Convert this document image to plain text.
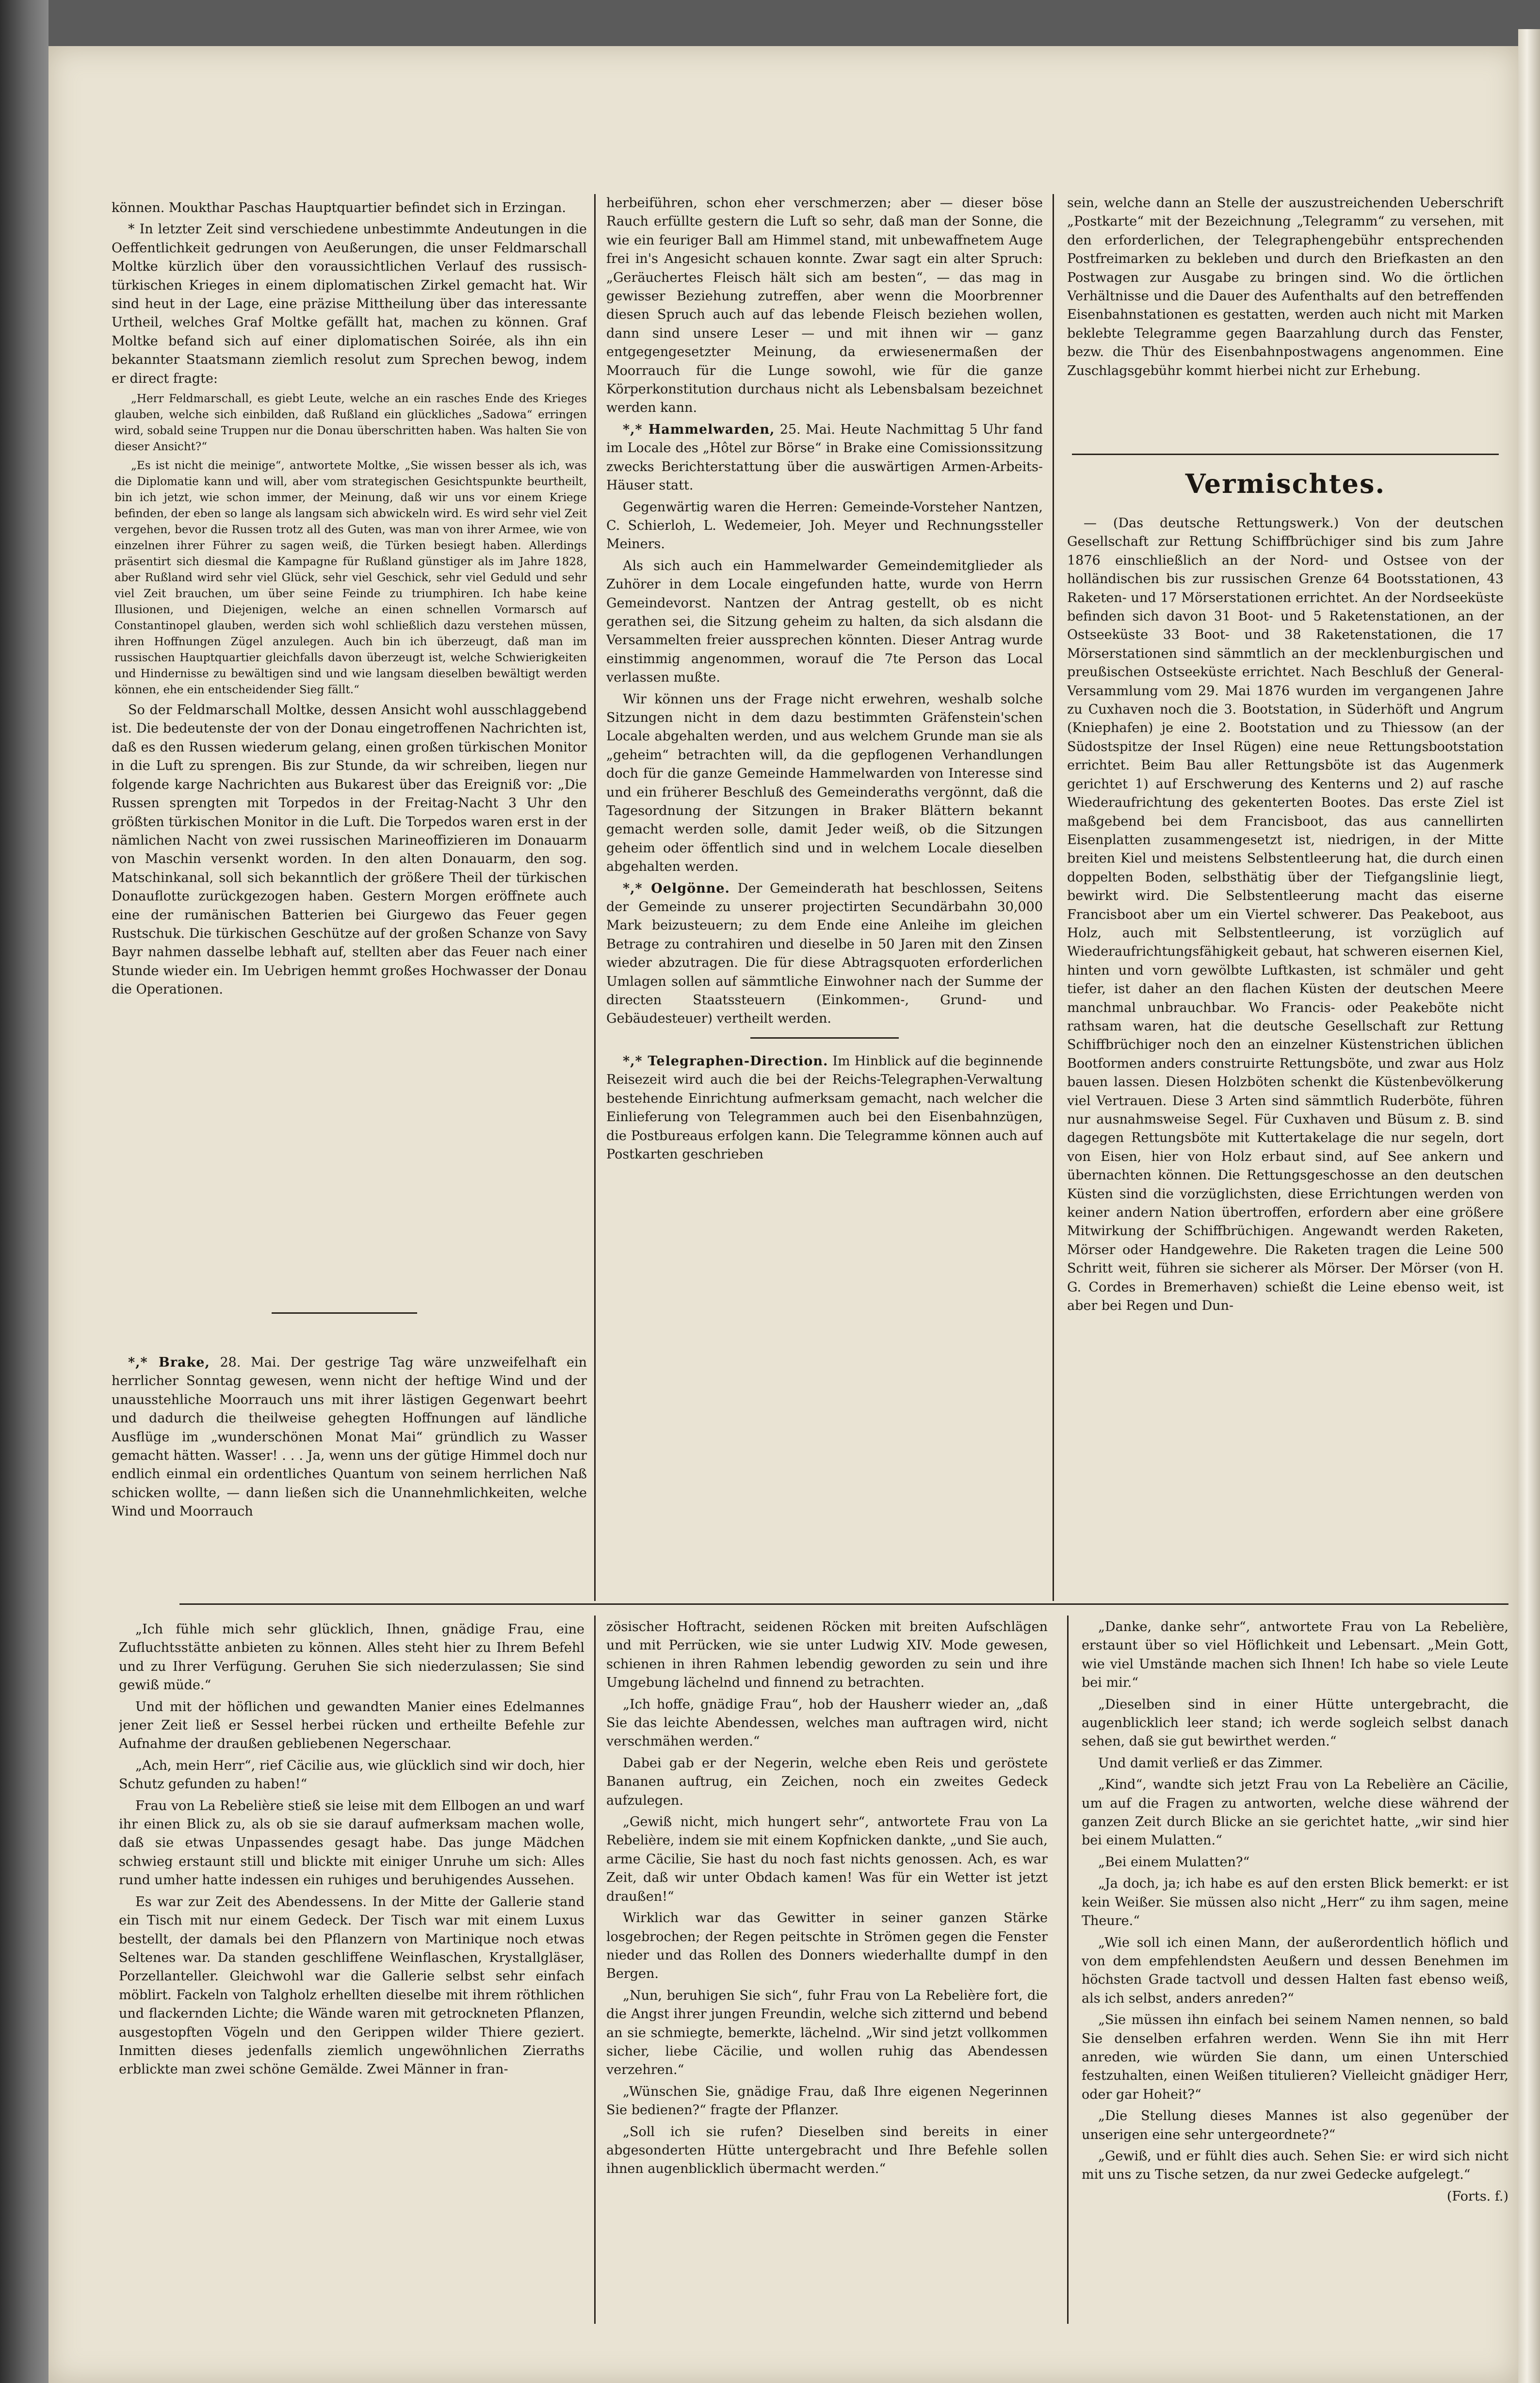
können. Moukthar Paschas Hauptquartier befindet sich in Erzingan.

* In letzter Zeit sind verschiedene unbestimmte Andeutungen in die Oeffentlichkeit gedrungen von Aeußerungen, die unser Feldmarschall Moltke kürzlich über den voraussichtlichen Verlauf des russisch-türkischen Krieges in einem diplomatischen Zirkel gemacht hat. Wir sind heut in der Lage, eine präzise Mittheilung über das interessante Urtheil, welches Graf Moltke gefällt hat, machen zu können. Graf Moltke befand sich auf einer diplomatischen Soirée, als ihn ein bekannter Staatsmann ziemlich resolut zum Sprechen bewog, indem er direct fragte:

„Herr Feldmarschall, es giebt Leute, welche an ein rasches Ende des Krieges glauben, welche sich einbilden, daß Rußland ein glückliches „Sadowa“ erringen wird, sobald seine Truppen nur die Donau überschritten haben. Was halten Sie von dieser Ansicht?“

„Es ist nicht die meinige“, antwortete Moltke, „Sie wissen besser als ich, was die Diplomatie kann und will, aber vom strategischen Gesichtspunkte beurtheilt, bin ich jetzt, wie schon immer, der Meinung, daß wir uns vor einem Kriege befinden, der eben so lange als langsam sich abwickeln wird. Es wird sehr viel Zeit vergehen, bevor die Russen trotz all des Guten, was man von ihrer Armee, wie von einzelnen ihrer Führer zu sagen weiß, die Türken besiegt haben. Allerdings präsentirt sich diesmal die Kampagne für Rußland günstiger als im Jahre 1828, aber Rußland wird sehr viel Glück, sehr viel Geschick, sehr viel Geduld und sehr viel Zeit brauchen, um über seine Feinde zu triumphiren. Ich habe keine Illusionen, und Diejenigen, welche an einen schnellen Vormarsch auf Constantinopel glauben, werden sich wohl schließlich dazu verstehen müssen, ihren Hoffnungen Zügel anzulegen. Auch bin ich überzeugt, daß man im russischen Hauptquartier gleichfalls davon überzeugt ist, welche Schwierigkeiten und Hindernisse zu bewältigen sind und wie langsam dieselben bewältigt werden können, ehe ein entscheidender Sieg fällt.“

So der Feldmarschall Moltke, dessen Ansicht wohl ausschlaggebend ist. Die bedeutenste der von der Donau eingetroffenen Nachrichten ist, daß es den Russen wiederum gelang, einen großen türkischen Monitor in die Luft zu sprengen. Bis zur Stunde, da wir schreiben, liegen nur folgende karge Nachrichten aus Bukarest über das Ereigniß vor: „Die Russen sprengten mit Torpedos in der Freitag-Nacht 3 Uhr den größten türkischen Monitor in die Luft. Die Torpedos waren erst in der nämlichen Nacht von zwei russischen Marineoffizieren im Donauarm von Maschin versenkt worden. In den alten Donauarm, den sog. Matschinkanal, soll sich bekanntlich der größere Theil der türkischen Donauflotte zurückgezogen haben. Gestern Morgen eröffnete auch eine der rumänischen Batterien bei Giurgewo das Feuer gegen Rustschuk. Die türkischen Geschütze auf der großen Schanze von Savy Bayr nahmen dasselbe lebhaft auf, stellten aber das Feuer nach einer Stunde wieder ein. Im Uebrigen hemmt großes Hochwasser der Donau die Operationen.

*,* Brake, 28. Mai. Der gestrige Tag wäre unzweifelhaft ein herrlicher Sonntag gewesen, wenn nicht der heftige Wind und der unausstehliche Moorrauch uns mit ihrer lästigen Gegenwart beehrt und dadurch die theilweise gehegten Hoffnungen auf ländliche Ausflüge im „wunderschönen Monat Mai“ gründlich zu Wasser gemacht hätten. Wasser! . . . Ja, wenn uns der gütige Himmel doch nur endlich einmal ein ordentliches Quantum von seinem herrlichen Naß schicken wollte, — dann ließen sich die Unannehmlichkeiten, welche Wind und Moorrauch

herbeiführen, schon eher verschmerzen; aber — dieser böse Rauch erfüllte gestern die Luft so sehr, daß man der Sonne, die wie ein feuriger Ball am Himmel stand, mit unbewaffnetem Auge frei in's Angesicht schauen konnte. Zwar sagt ein alter Spruch: „Geräuchertes Fleisch hält sich am besten“, — das mag in gewisser Beziehung zutreffen, aber wenn die Moorbrenner diesen Spruch auch auf das lebende Fleisch beziehen wollen, dann sind unsere Leser — und mit ihnen wir — ganz entgegengesetzter Meinung, da erwiesenermaßen der Moorrauch für die Lunge sowohl, wie für die ganze Körperkonstitution durchaus nicht als Lebensbalsam bezeichnet werden kann.

*,* Hammelwarden, 25. Mai. Heute Nachmittag 5 Uhr fand im Locale des „Hôtel zur Börse“ in Brake eine Comissionssitzung zwecks Berichterstattung über die auswärtigen Armen-Arbeits-Häuser statt.

Gegenwärtig waren die Herren: Gemeinde-Vorsteher Nantzen, C. Schierloh, L. Wedemeier, Joh. Meyer und Rechnungssteller Meiners.

Als sich auch ein Hammelwarder Gemeindemitglieder als Zuhörer in dem Locale eingefunden hatte, wurde von Herrn Gemeindevorst. Nantzen der Antrag gestellt, ob es nicht gerathen sei, die Sitzung geheim zu halten, da sich alsdann die Versammelten freier aussprechen könnten. Dieser Antrag wurde einstimmig angenommen, worauf die 7te Person das Local verlassen mußte.

Wir können uns der Frage nicht erwehren, weshalb solche Sitzungen nicht in dem dazu bestimmten Gräfenstein'schen Locale abgehalten werden, und aus welchem Grunde man sie als „geheim“ betrachten will, da die gepflogenen Verhandlungen doch für die ganze Gemeinde Hammelwarden von Interesse sind und ein früherer Beschluß des Gemeinderaths vergönnt, daß die Tagesordnung der Sitzungen in Braker Blättern bekannt gemacht werden solle, damit Jeder weiß, ob die Sitzungen geheim oder öffentlich sind und in welchem Locale dieselben abgehalten werden.

*,* Oelgönne. Der Gemeinderath hat beschlossen, Seitens der Gemeinde zu unserer projectirten Secundärbahn 30,000 Mark beizusteuern; zu dem Ende eine Anleihe im gleichen Betrage zu contrahiren und dieselbe in 50 Jaren mit den Zinsen wieder abzutragen. Die für diese Abtragsquoten erforderlichen Umlagen sollen auf sämmtliche Einwohner nach der Summe der directen Staatssteuern (Einkommen-, Grund- und Gebäudesteuer) vertheilt werden.

*,* Telegraphen-Direction. Im Hinblick auf die beginnende Reisezeit wird auch die bei der Reichs-Telegraphen-Verwaltung bestehende Einrichtung aufmerksam gemacht, nach welcher die Einlieferung von Telegrammen auch bei den Eisenbahnzügen, die Postbureaus erfolgen kann. Die Telegramme können auch auf Postkarten geschrieben

sein, welche dann an Stelle der auszustreichenden Ueberschrift „Postkarte“ mit der Bezeichnung „Telegramm“ zu versehen, mit den erforderlichen, der Telegraphengebühr entsprechenden Postfreimarken zu bekleben und durch den Briefkasten an den Postwagen zur Ausgabe zu bringen sind. Wo die örtlichen Verhältnisse und die Dauer des Aufenthalts auf den betreffenden Eisenbahnstationen es gestatten, werden auch nicht mit Marken beklebte Telegramme gegen Baarzahlung durch das Fenster, bezw. die Thür des Eisenbahnpostwagens angenommen. Eine Zuschlagsgebühr kommt hierbei nicht zur Erhebung.

Vermischtes.

— (Das deutsche Rettungswerk.) Von der deutschen Gesellschaft zur Rettung Schiffbrüchiger sind bis zum Jahre 1876 einschließlich an der Nord- und Ostsee von der holländischen bis zur russischen Grenze 64 Bootsstationen, 43 Raketen- und 17 Mörserstationen errichtet. An der Nordseeküste befinden sich davon 31 Boot- und 5 Raketenstationen, an der Ostseeküste 33 Boot- und 38 Raketenstationen, die 17 Mörserstationen sind sämmtlich an der mecklenburgischen und preußischen Ostseeküste errichtet. Nach Beschluß der General-Versammlung vom 29. Mai 1876 wurden im vergangenen Jahre zu Cuxhaven noch die 3. Bootstation, in Süderhöft und Angrum (Kniephafen) je eine 2. Bootstation und zu Thiessow (an der Südostspitze der Insel Rügen) eine neue Rettungsbootstation errichtet. Beim Bau aller Rettungsböte ist das Augenmerk gerichtet 1) auf Erschwerung des Kenterns und 2) auf rasche Wiederaufrichtung des gekenterten Bootes. Das erste Ziel ist maßgebend bei dem Francisboot, das aus cannellirten Eisenplatten zusammengesetzt ist, niedrigen, in der Mitte breiten Kiel und meistens Selbstentleerung hat, die durch einen doppelten Boden, selbsthätig über der Tiefgangslinie liegt, bewirkt wird. Die Selbstentleerung macht das eiserne Francisboot aber um ein Viertel schwerer. Das Peakeboot, aus Holz, auch mit Selbstentleerung, ist vorzüglich auf Wiederaufrichtungsfähigkeit gebaut, hat schweren eisernen Kiel, hinten und vorn gewölbte Luftkasten, ist schmäler und geht tiefer, ist daher an den flachen Küsten der deutschen Meere manchmal unbrauchbar. Wo Francis- oder Peakeböte nicht rathsam waren, hat die deutsche Gesellschaft zur Rettung Schiffbrüchiger noch den an einzelner Küstenstrichen üblichen Bootformen anders construirte Rettungsböte, und zwar aus Holz bauen lassen. Diesen Holzböten schenkt die Küstenbevölkerung viel Vertrauen. Diese 3 Arten sind sämmtlich Ruderböte, führen nur ausnahmsweise Segel. Für Cuxhaven und Büsum z. B. sind dagegen Rettungsböte mit Kuttertakelage die nur segeln, dort von Eisen, hier von Holz erbaut sind, auf See ankern und übernachten können. Die Rettungsgeschosse an den deutschen Küsten sind die vorzüglichsten, diese Errichtungen werden von keiner andern Nation übertroffen, erfordern aber eine größere Mitwirkung der Schiffbrüchigen. Angewandt werden Raketen, Mörser oder Handgewehre. Die Raketen tragen die Leine 500 Schritt weit, führen sie sicherer als Mörser. Der Mörser (von H. G. Cordes in Bremerhaven) schießt die Leine ebenso weit, ist aber bei Regen und Dun-

„Ich fühle mich sehr glücklich, Ihnen, gnädige Frau, eine Zufluchtsstätte anbieten zu können. Alles steht hier zu Ihrem Befehl und zu Ihrer Verfügung. Geruhen Sie sich niederzulassen; Sie sind gewiß müde.“

Und mit der höflichen und gewandten Manier eines Edelmannes jener Zeit ließ er Sessel herbei rücken und ertheilte Befehle zur Aufnahme der draußen gebliebenen Negerschaar.

„Ach, mein Herr“, rief Cäcilie aus, wie glücklich sind wir doch, hier Schutz gefunden zu haben!“

Frau von La Rebelière stieß sie leise mit dem Ellbogen an und warf ihr einen Blick zu, als ob sie sie darauf aufmerksam machen wolle, daß sie etwas Unpassendes gesagt habe. Das junge Mädchen schwieg erstaunt still und blickte mit einiger Unruhe um sich: Alles rund umher hatte indessen ein ruhiges und beruhigendes Aussehen.

Es war zur Zeit des Abendessens. In der Mitte der Gallerie stand ein Tisch mit nur einem Gedeck. Der Tisch war mit einem Luxus bestellt, der damals bei den Pflanzern von Martinique noch etwas Seltenes war. Da standen geschliffene Weinflaschen, Krystallgläser, Porzellanteller. Gleichwohl war die Gallerie selbst sehr einfach möblirt. Fackeln von Talgholz erhellten dieselbe mit ihrem röthlichen und flackernden Lichte; die Wände waren mit getrockneten Pflanzen, ausgestopften Vögeln und den Gerippen wilder Thiere geziert. Inmitten dieses jedenfalls ziemlich ungewöhnlichen Zierraths erblickte man zwei schöne Gemälde. Zwei Männer in fran-

zösischer Hoftracht, seidenen Röcken mit breiten Aufschlägen und mit Perrücken, wie sie unter Ludwig XIV. Mode gewesen, schienen in ihren Rahmen lebendig geworden zu sein und ihre Umgebung lächelnd und finnend zu betrachten.

„Ich hoffe, gnädige Frau“, hob der Hausherr wieder an, „daß Sie das leichte Abendessen, welches man auftragen wird, nicht verschmähen werden.“

Dabei gab er der Negerin, welche eben Reis und geröstete Bananen auftrug, ein Zeichen, noch ein zweites Gedeck aufzulegen.

„Gewiß nicht, mich hungert sehr“, antwortete Frau von La Rebelière, indem sie mit einem Kopfnicken dankte, „und Sie auch, arme Cäcilie, Sie hast du noch fast nichts genossen. Ach, es war Zeit, daß wir unter Obdach kamen! Was für ein Wetter ist jetzt draußen!“

Wirklich war das Gewitter in seiner ganzen Stärke losgebrochen; der Regen peitschte in Strömen gegen die Fenster nieder und das Rollen des Donners wiederhallte dumpf in den Bergen.

„Nun, beruhigen Sie sich“, fuhr Frau von La Rebelière fort, die die Angst ihrer jungen Freundin, welche sich zitternd und bebend an sie schmiegte, bemerkte, lächelnd. „Wir sind jetzt vollkommen sicher, liebe Cäcilie, und wollen ruhig das Abendessen verzehren.“

„Wünschen Sie, gnädige Frau, daß Ihre eigenen Negerinnen Sie bedienen?“ fragte der Pflanzer.

„Soll ich sie rufen? Dieselben sind bereits in einer abgesonderten Hütte untergebracht und Ihre Befehle sollen ihnen augenblicklich übermacht werden.“

„Danke, danke sehr“, antwortete Frau von La Rebelière, erstaunt über so viel Höflichkeit und Lebensart. „Mein Gott, wie viel Umstände machen sich Ihnen! Ich habe so viele Leute bei mir.“

„Dieselben sind in einer Hütte untergebracht, die augenblicklich leer stand; ich werde sogleich selbst danach sehen, daß sie gut bewirthet werden.“

Und damit verließ er das Zimmer.

„Kind“, wandte sich jetzt Frau von La Rebelière an Cäcilie, um auf die Fragen zu antworten, welche diese während der ganzen Zeit durch Blicke an sie gerichtet hatte, „wir sind hier bei einem Mulatten.“

„Bei einem Mulatten?“

„Ja doch, ja; ich habe es auf den ersten Blick bemerkt: er ist kein Weißer. Sie müssen also nicht „Herr“ zu ihm sagen, meine Theure.“

„Wie soll ich einen Mann, der außerordentlich höflich und von dem empfehlendsten Aeußern und dessen Benehmen im höchsten Grade tactvoll und dessen Halten fast ebenso weiß, als ich selbst, anders anreden?“

„Sie müssen ihn einfach bei seinem Namen nennen, so bald Sie denselben erfahren werden. Wenn Sie ihn mit Herr anreden, wie würden Sie dann, um einen Unterschied festzuhalten, einen Weißen titulieren? Vielleicht gnädiger Herr, oder gar Hoheit?“

„Die Stellung dieses Mannes ist also gegenüber der unserigen eine sehr untergeordnete?“

„Gewiß, und er fühlt dies auch. Sehen Sie: er wird sich nicht mit uns zu Tische setzen, da nur zwei Gedecke aufgelegt.“

(Forts. f.)
